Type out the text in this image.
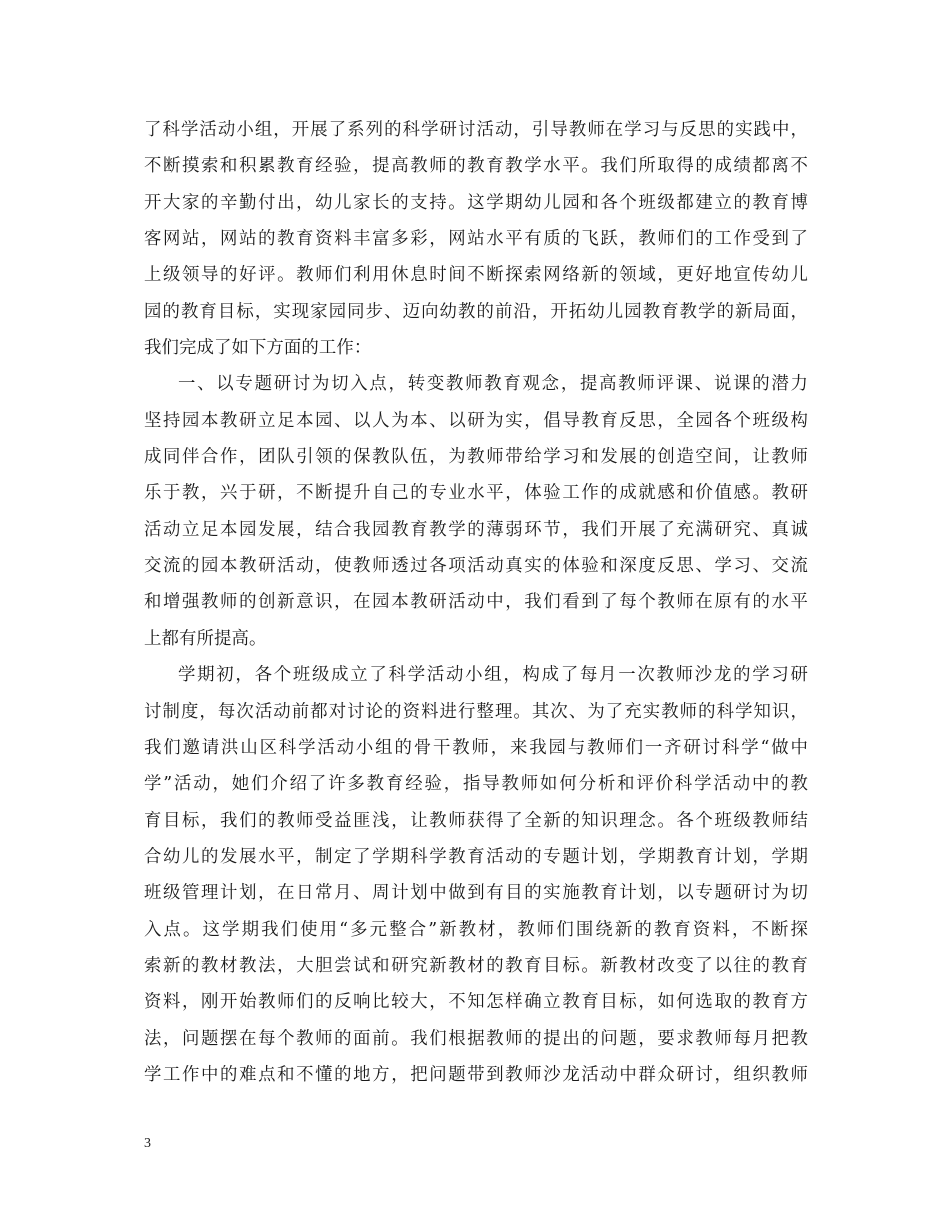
了科学活动小组，开展了系列的科学研讨活动，引导教师在学习与反思的实践中，
不断摸索和积累教育经验，提高教师的教育教学水平。我们所取得的成绩都离不
开大家的辛勤付出，幼儿家长的支持。这学期幼儿园和各个班级都建立的教育博
客网站，网站的教育资料丰富多彩，网站水平有质的飞跃，教师们的工作受到了
上级领导的好评。教师们利用休息时间不断探索网络新的领域，更好地宣传幼儿
园的教育目标，实现家园同步、迈向幼教的前沿，开拓幼儿园教育教学的新局面，
我们完成了如下方面的工作：
一、以专题研讨为切入点，转变教师教育观念，提高教师评课、说课的潜力
坚持园本教研立足本园、以人为本、以研为实，倡导教育反思，全园各个班级构
成同伴合作，团队引领的保教队伍，为教师带给学习和发展的创造空间，让教师
乐于教，兴于研，不断提升自己的专业水平，体验工作的成就感和价值感。教研
活动立足本园发展，结合我园教育教学的薄弱环节，我们开展了充满研究、真诚
交流的园本教研活动，使教师透过各项活动真实的体验和深度反思、学习、交流
和增强教师的创新意识，在园本教研活动中，我们看到了每个教师在原有的水平
上都有所提高。
学期初，各个班级成立了科学活动小组，构成了每月一次教师沙龙的学习研
讨制度，每次活动前都对讨论的资料进行整理。其次、为了充实教师的科学知识，
我们邀请洪山区科学活动小组的骨干教师，来我园与教师们一齐研讨科学“做中
学”活动，她们介绍了许多教育经验，指导教师如何分析和评价科学活动中的教
育目标，我们的教师受益匪浅，让教师获得了全新的知识理念。各个班级教师结
合幼儿的发展水平，制定了学期科学教育活动的专题计划，学期教育计划，学期
班级管理计划，在日常月、周计划中做到有目的实施教育计划，以专题研讨为切
入点。这学期我们使用“多元整合”新教材，教师们围绕新的教育资料，不断探
索新的教材教法，大胆尝试和研究新教材的教育目标。新教材改变了以往的教育
资料，刚开始教师们的反响比较大，不知怎样确立教育目标，如何选取的教育方
法，问题摆在每个教师的面前。我们根据教师的提出的问题，要求教师每月把教
学工作中的难点和不懂的地方，把问题带到教师沙龙活动中群众研讨，组织教师
3
